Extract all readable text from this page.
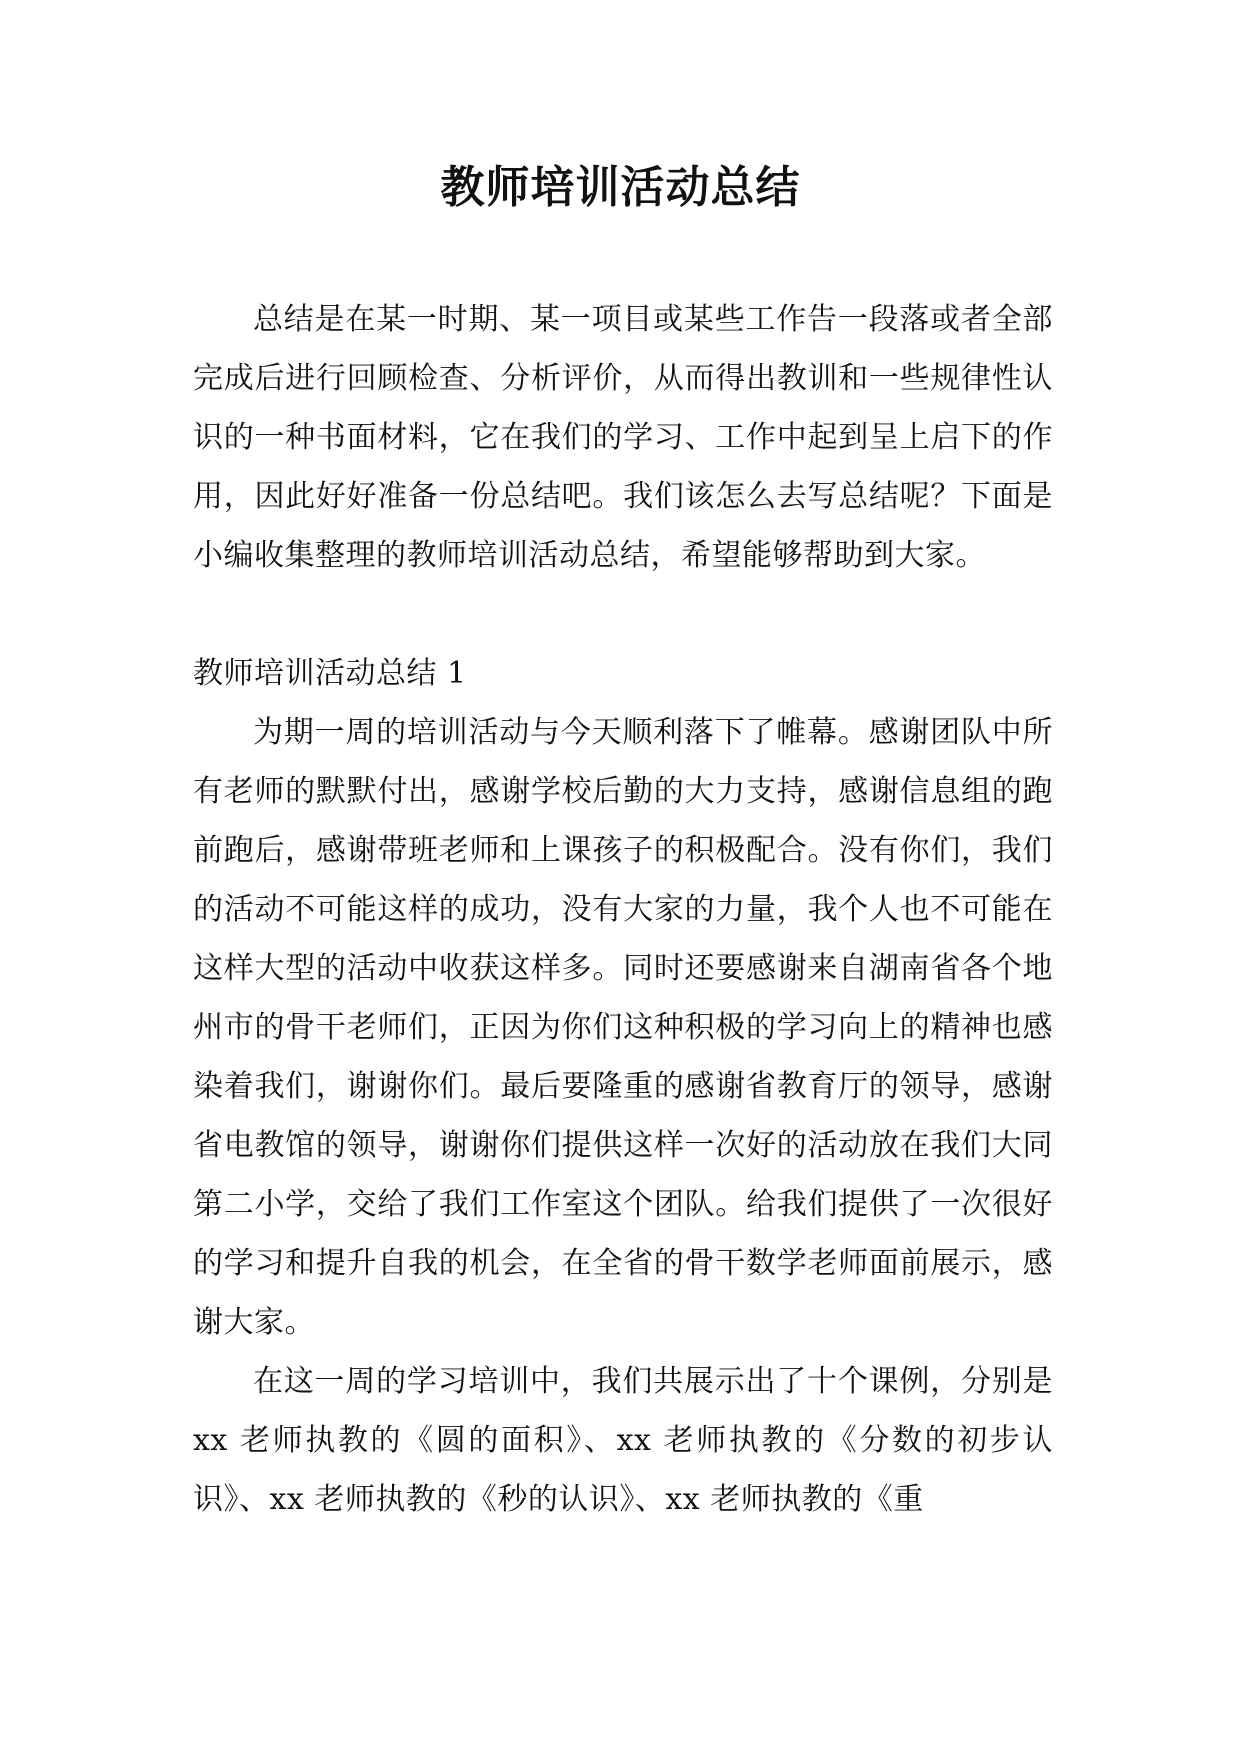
教师培训活动总结

总结是在某一时期、某一项目或某些工作告一段落或者全部完成后进行回顾检查、分析评价，从而得出教训和一些规律性认识的一种书面材料，它在我们的学习、工作中起到呈上启下的作用，因此好好准备一份总结吧。我们该怎么去写总结呢？下面是小编收集整理的教师培训活动总结，希望能够帮助到大家。

教师培训活动总结 1

为期一周的培训活动与今天顺利落下了帷幕。感谢团队中所有老师的默默付出，感谢学校后勤的大力支持，感谢信息组的跑前跑后，感谢带班老师和上课孩子的积极配合。没有你们，我们的活动不可能这样的成功，没有大家的力量，我个人也不可能在这样大型的活动中收获这样多。同时还要感谢来自湖南省各个地州市的骨干老师们，正因为你们这种积极的学习向上的精神也感染着我们，谢谢你们。最后要隆重的感谢省教育厅的领导，感谢省电教馆的领导，谢谢你们提供这样一次好的活动放在我们大同第二小学，交给了我们工作室这个团队。给我们提供了一次很好的学习和提升自我的机会，在全省的骨干数学老师面前展示，感谢大家。

在这一周的学习培训中，我们共展示出了十个课例，分别是 xx 老师执教的《圆的面积》、xx 老师执教的《分数的初步认识》、xx 老师执教的《秒的认识》、xx 老师执教的《重
